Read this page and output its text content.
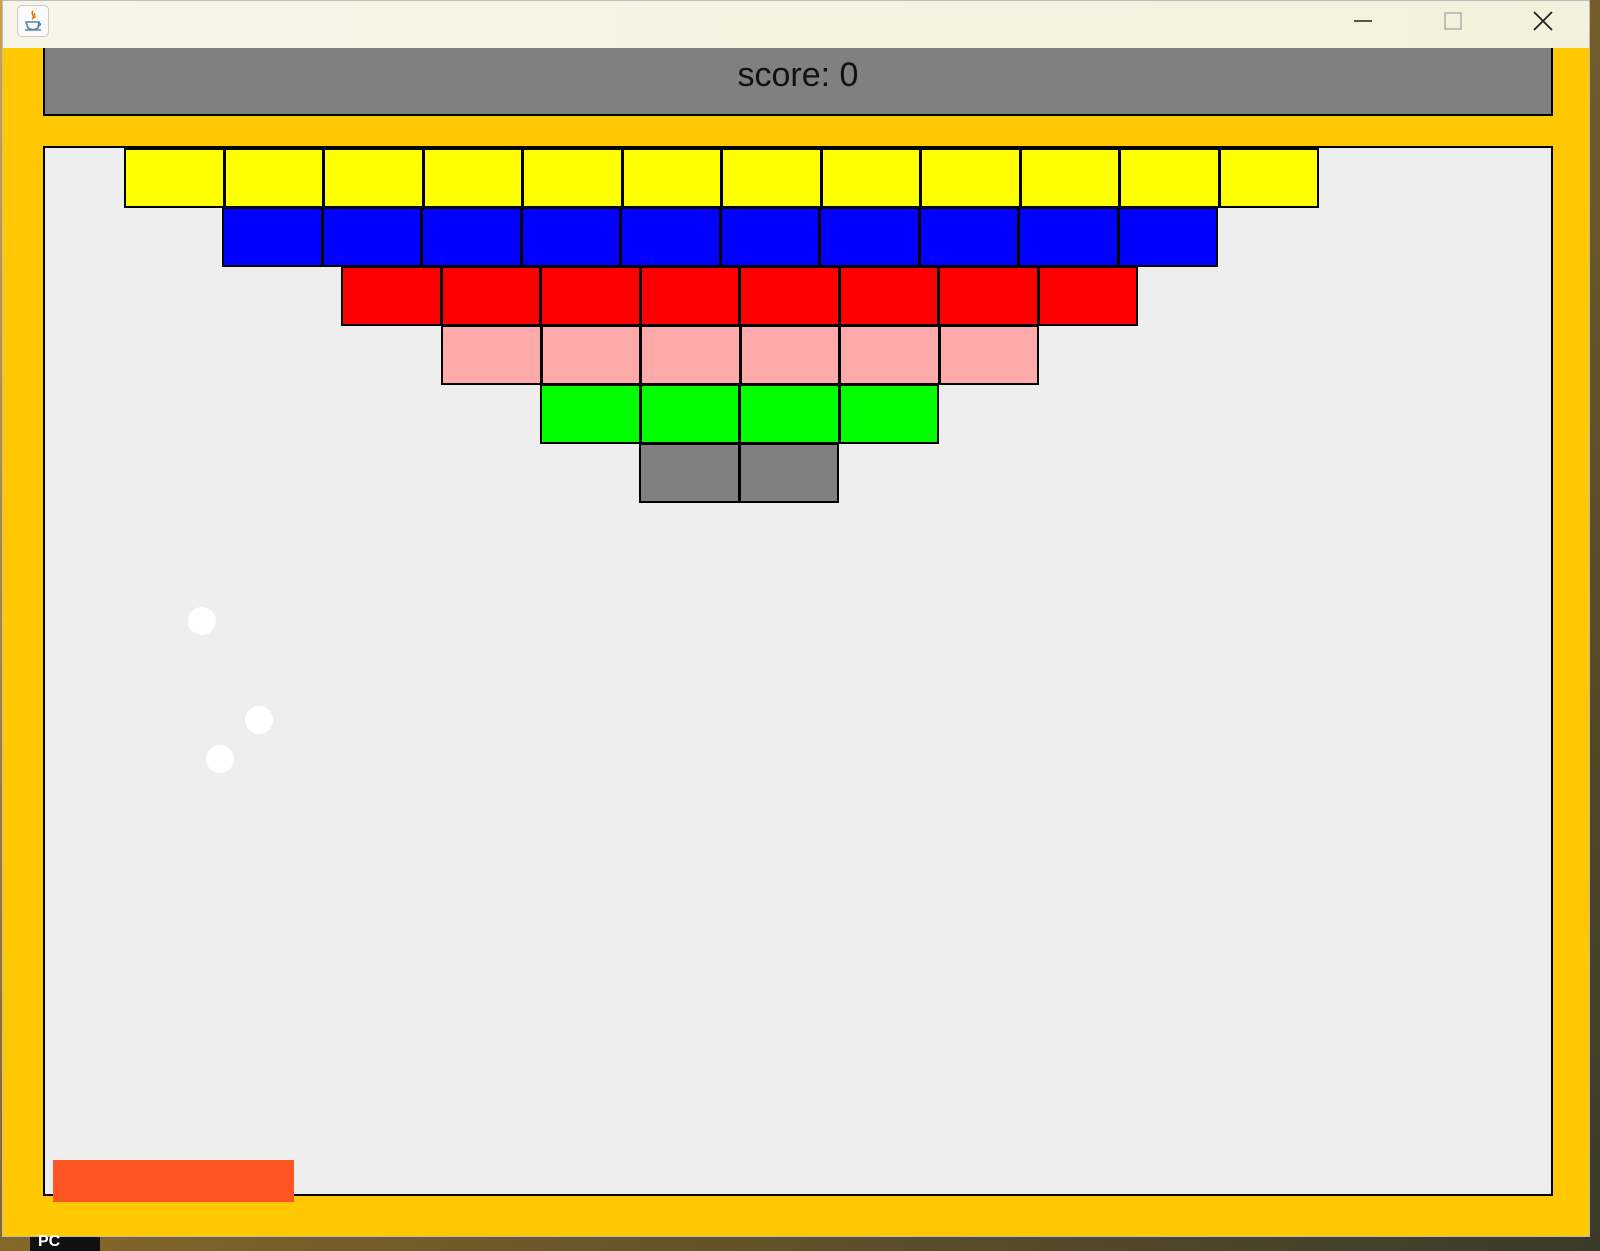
score: 0
PC
